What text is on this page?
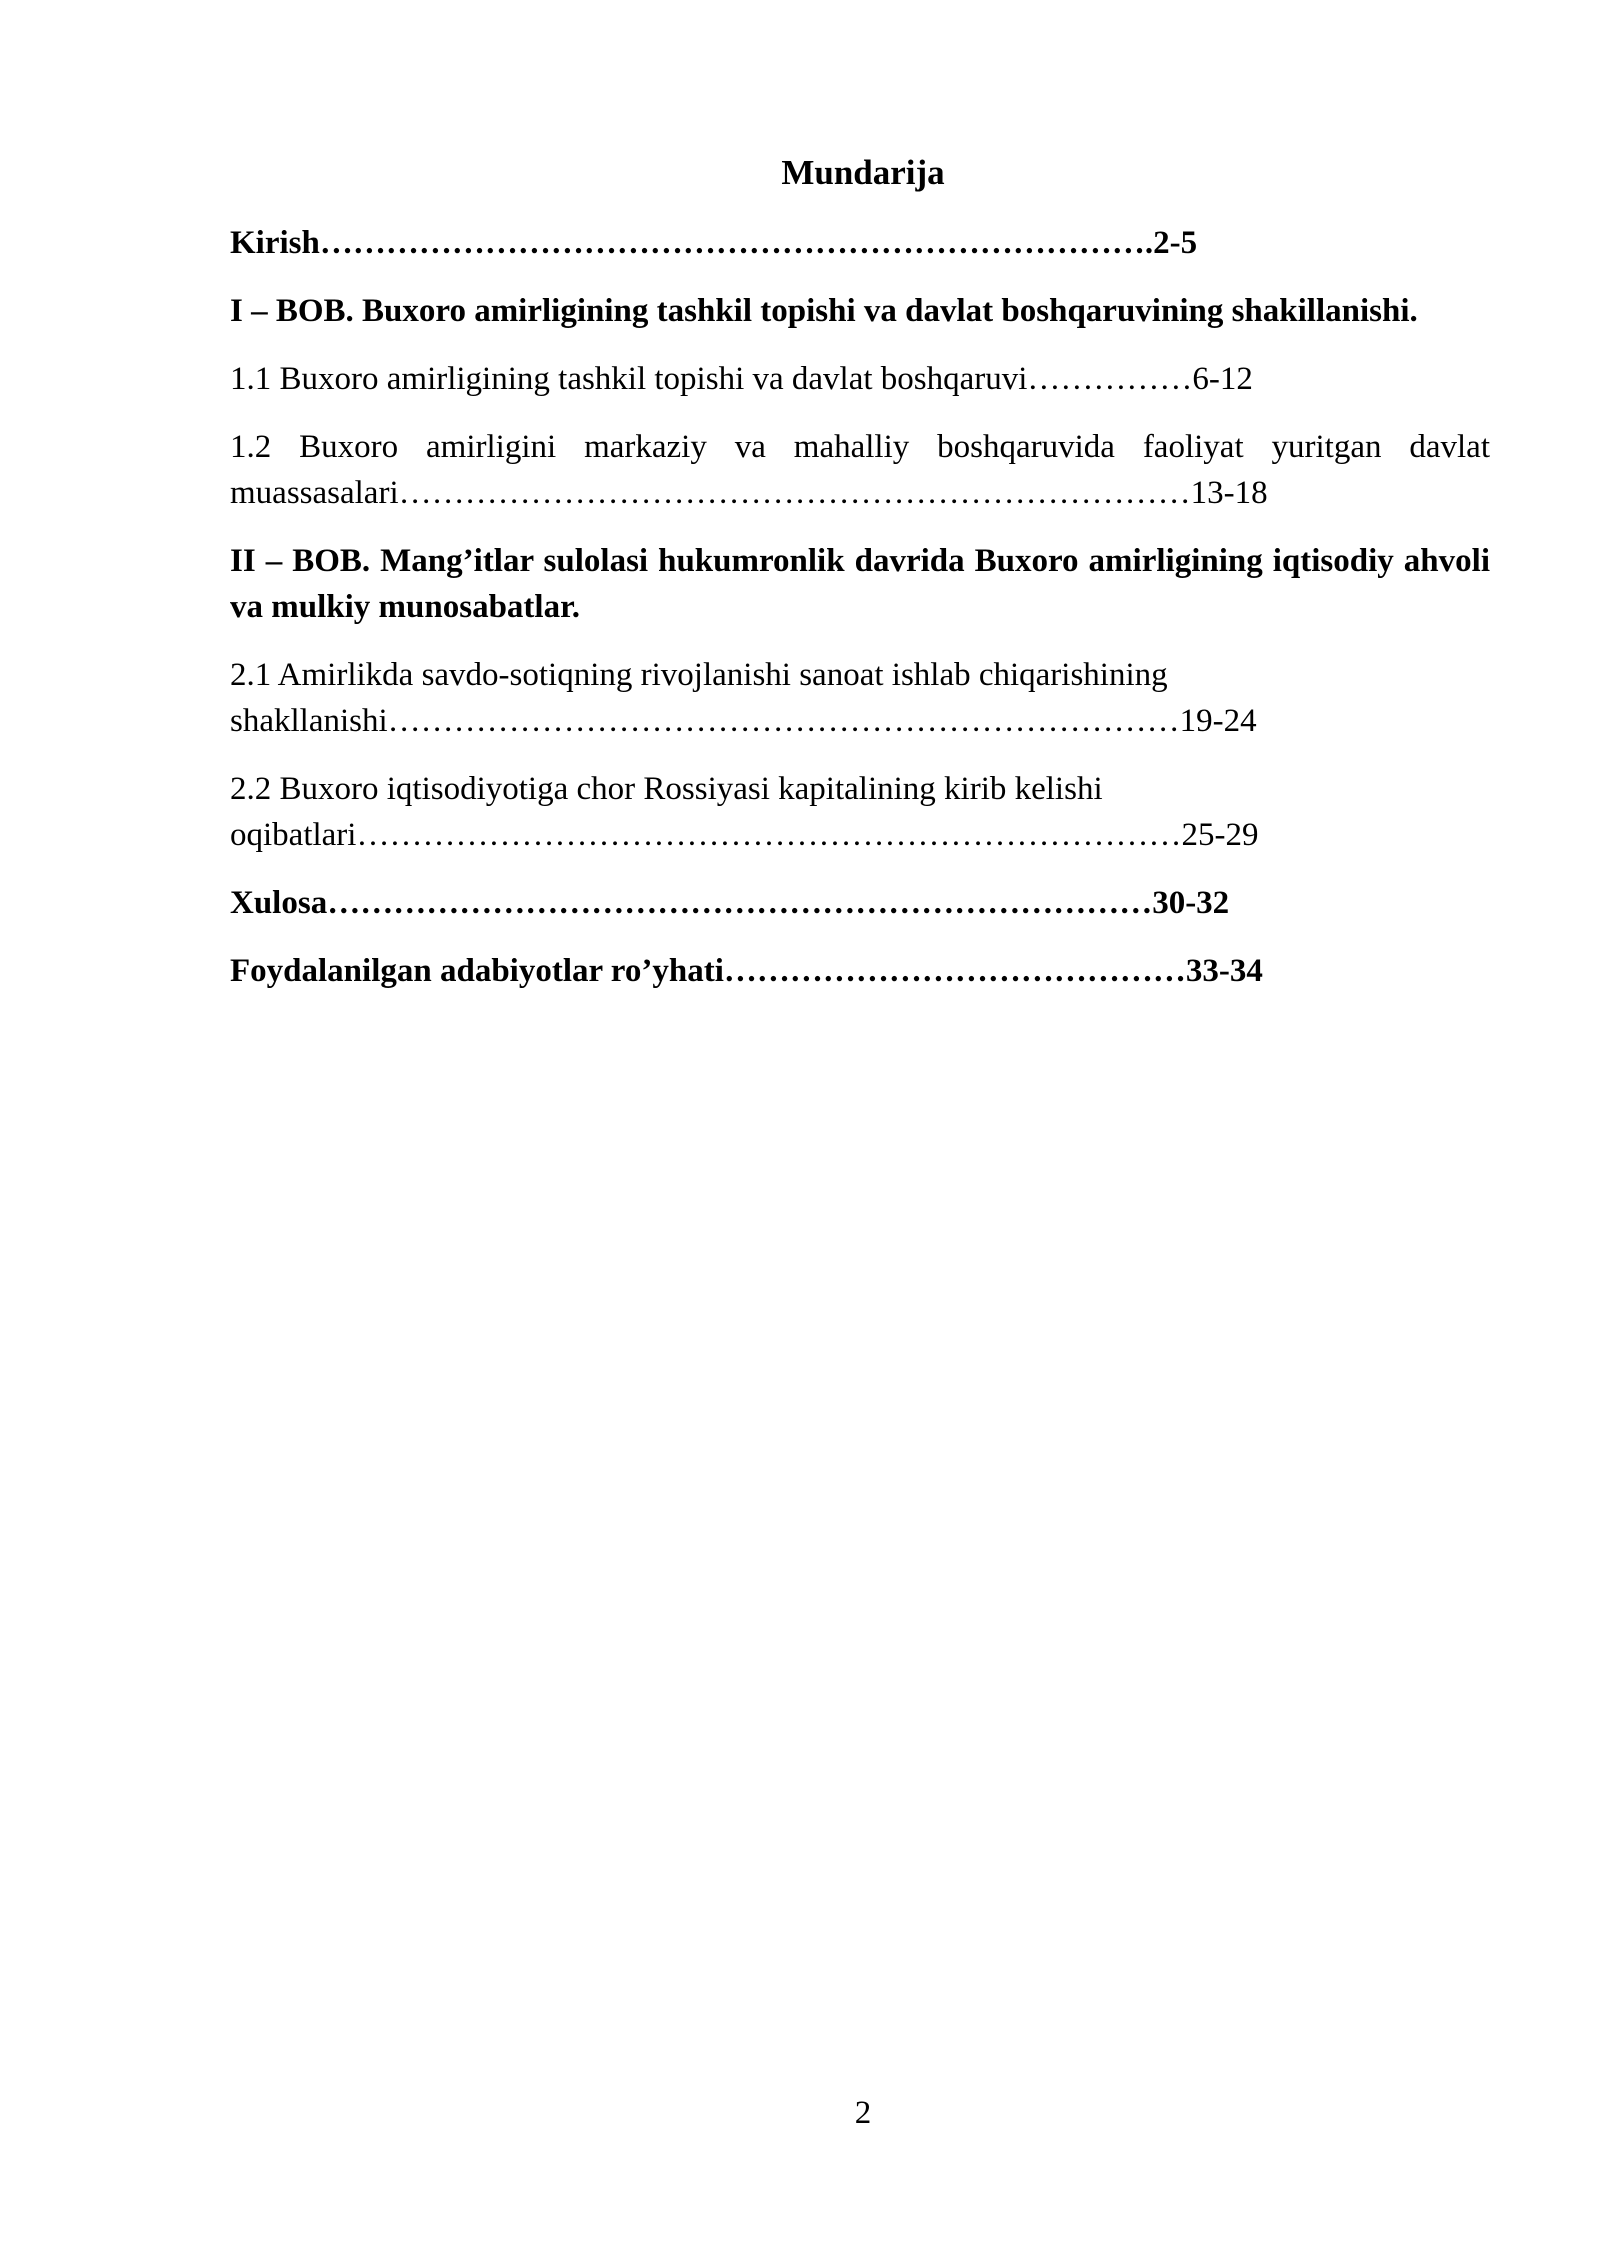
Mundarija
Kirish………………………………………………………………….2-5
I – BOB. Buxoro amirligining tashkil topishi va davlat boshqaruvining shakillanishi.
1.1 Buxoro amirligining tashkil topishi va davlat boshqaruvi……………6-12
1.2 Buxoro amirligini markaziy va mahalliy boshqaruvida faoliyat yuritgan davlat
muassasalari………………………………………………………………13-18
II – BOB. Mang’itlar sulolasi hukumronlik davrida Buxoro amirligining iqtisodiy ahvoli va mulkiy munosabatlar.
2.1 Amirlikda savdo-sotiqning rivojlanishi sanoat ishlab chiqarishining
shakllanishi………………………………………………………………19-24
2.2 Buxoro iqtisodiyotiga chor Rossiyasi kapitalining kirib kelishi
oqibatlari…………………………………………………………………25-29
Xulosa…………………………………………………………………30-32
Foydalanilgan adabiyotlar ro’yhati……………………………………33-34
2
